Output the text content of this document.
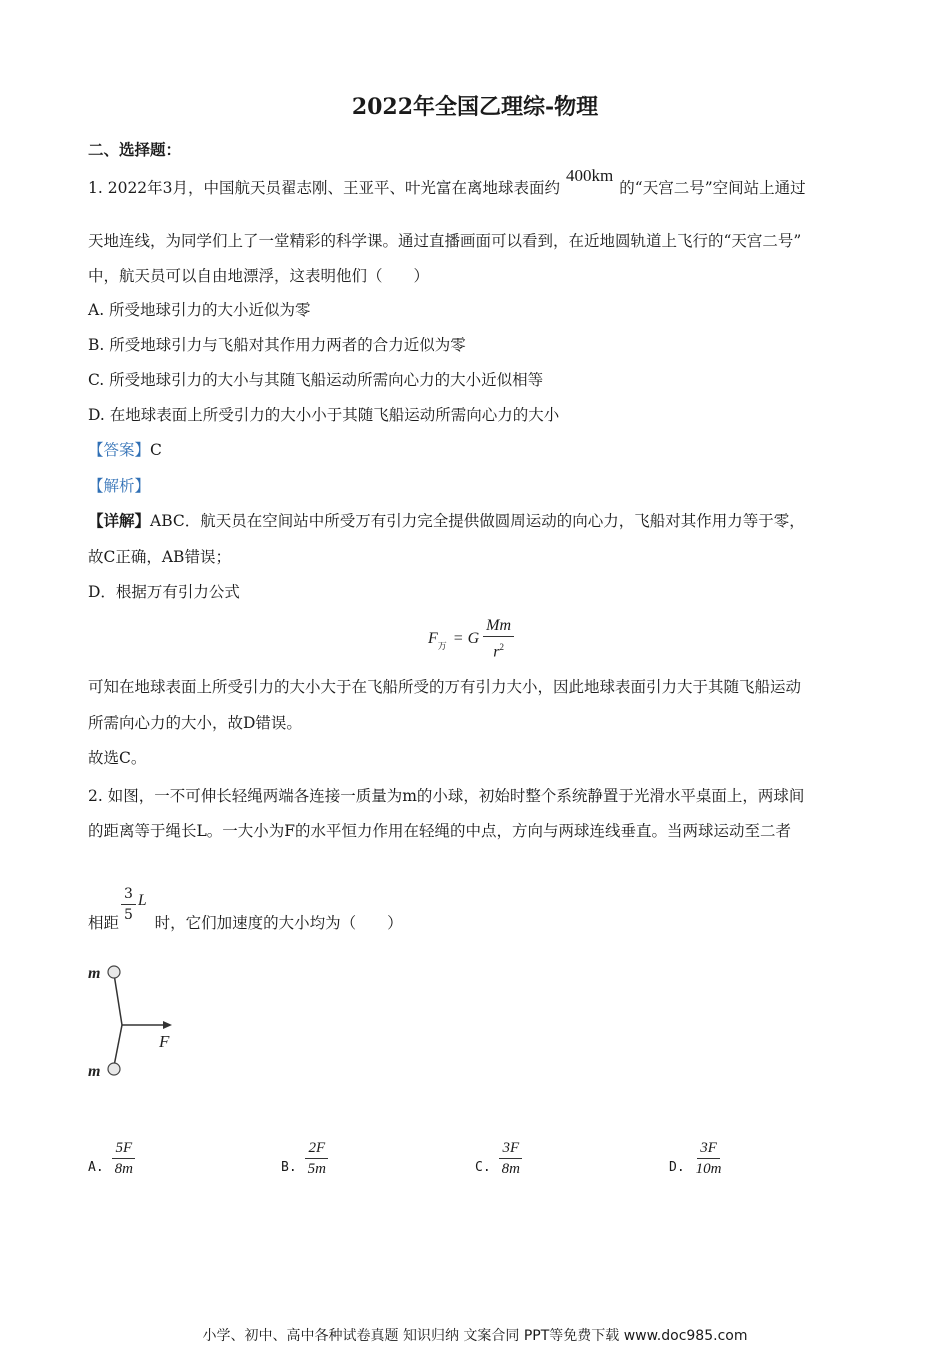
2022年全国乙理综-物理
二、选择题：
1. 2022年3月，中国航天员翟志刚、王亚平、叶光富在离地球表面约400km的“天宫二号”空间站上通过
天地连线，为同学们上了一堂精彩的科学课。通过直播画面可以看到，在近地圆轨道上飞行的“天宫二号”
中，航天员可以自由地漂浮，这表明他们（　　）
A. 所受地球引力的大小近似为零
B. 所受地球引力与飞船对其作用力两者的合力近似为零
C. 所受地球引力的大小与其随飞船运动所需向心力的大小近似相等
D. 在地球表面上所受引力的大小小于其随飞船运动所需向心力的大小
【答案】C
【解析】
【详解】ABC．航天员在空间站中所受万有引力完全提供做圆周运动的向心力，飞船对其作用力等于零，
故C正确，AB错误；
D．根据万有引力公式
F 万 = G $\frac{Mm}{r^2}$
可知在地球表面上所受引力的大小大于在飞船所受的万有引力大小，因此地球表面引力大于其随飞船运动
所需向心力的大小，故D错误。
故选C。
2. 如图，一不可伸长轻绳两端各连接一质量为m的小球，初始时整个系统静置于光滑水平桌面上，两球间
的距离等于绳长L。一大小为F的水平恒力作用在轻绳的中点，方向与两球连线垂直。当两球运动至二者
相距 $\frac{3}{5}$ L
时，它们加速度的大小均为（　　）
m
m
F
A. $\frac{5F}{8m}$	B. $\frac{2F}{5m}$	C. $\frac{3F}{8m}$	D. $\frac{3F}{10m}$
小学、初中、高中各种试卷真题 知识归纳 文案合同 PPT等免费下载 www.doc985.com
